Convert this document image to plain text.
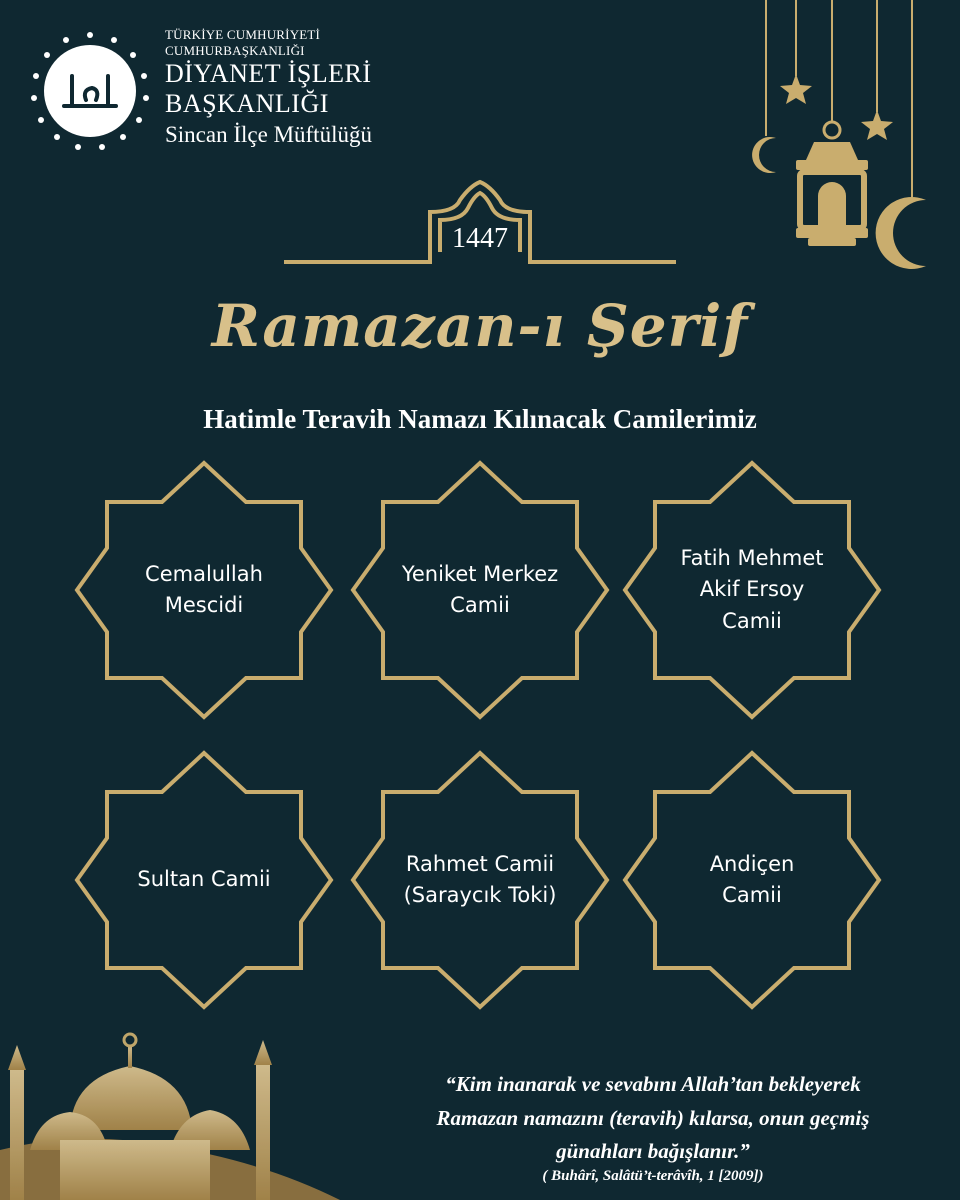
TÜRKİYE CUMHURİYETİ
CUMHURBAŞKANLIĞI
DİYANET İŞLERİ
BAŞKANLIĞI
Sincan İlçe Müftülüğü
1447
Ramazan-ı Şerif
Hatimle Teravih Namazı Kılınacak Camilerimiz
Cemalullah
Mescidi
Yeniket Merkez
Camii
Fatih Mehmet
Akif Ersoy
Camii
Sultan Camii
Rahmet Camii
(Saraycık Toki)
Andiçen
Camii
“Kim inanarak ve sevabını Allah’tan bekleyerek
Ramazan namazını (teravih) kılarsa, onun geçmiş
günahları bağışlanır.”
( Buhârî, Salâtü’t-terâvîh, 1 [2009])
